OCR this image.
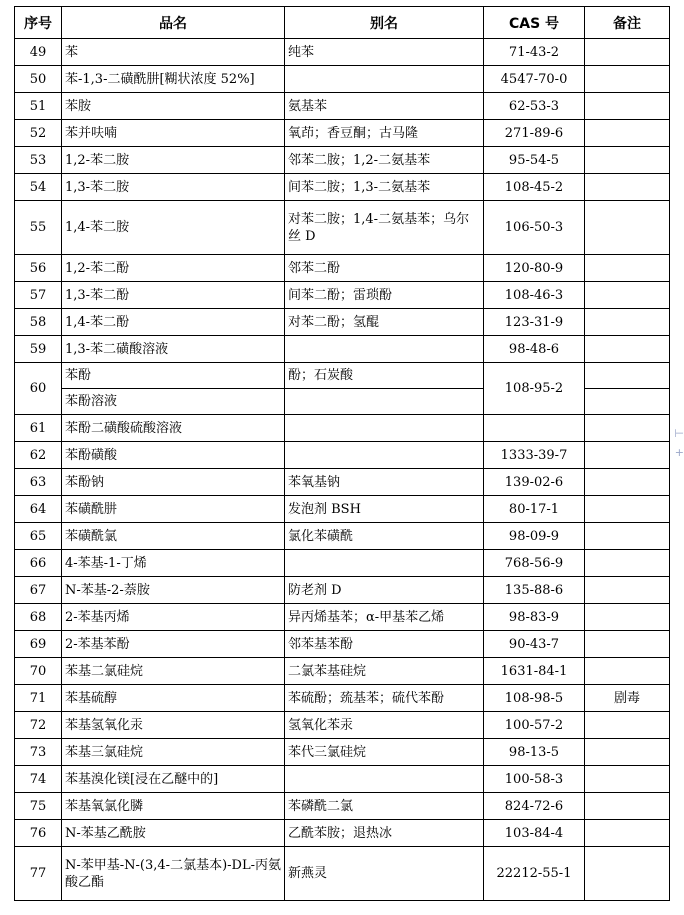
序号	品名	别名	CAS 号	备注
49	苯	纯苯	71-43-2	
50	苯-1,3-二磺酰肼[糊状浓度 52%]		4547-70-0	
51	苯胺	氨基苯	62-53-3	
52	苯并呋喃	氧茚；香豆酮；古马隆	271-89-6	
53	1,2-苯二胺	邻苯二胺；1,2-二氨基苯	95-54-5	
54	1,3-苯二胺	间苯二胺；1,3-二氨基苯	108-45-2	
55	1,4-苯二胺	对苯二胺；1,4-二氨基苯；乌尔丝 D	106-50-3	
56	1,2-苯二酚	邻苯二酚	120-80-9	
57	1,3-苯二酚	间苯二酚；雷琐酚	108-46-3	
58	1,4-苯二酚	对苯二酚；氢醌	123-31-9	
59	1,3-苯二磺酸溶液		98-48-6	
60	苯酚	酚；石炭酸	108-95-2	
	苯酚溶液			
61	苯酚二磺酸硫酸溶液			
62	苯酚磺酸		1333-39-7	
63	苯酚钠	苯氧基钠	139-02-6	
64	苯磺酰肼	发泡剂 BSH	80-17-1	
65	苯磺酰氯	氯化苯磺酰	98-09-9	
66	4-苯基-1-丁烯		768-56-9	
67	N-苯基-2-萘胺	防老剂 D	135-88-6	
68	2-苯基丙烯	异丙烯基苯；α-甲基苯乙烯	98-83-9	
69	2-苯基苯酚	邻苯基苯酚	90-43-7	
70	苯基二氯硅烷	二氯苯基硅烷	1631-84-1	
71	苯基硫醇	苯硫酚；巯基苯；硫代苯酚	108-98-5	剧毒
72	苯基氢氧化汞	氢氧化苯汞	100-57-2	
73	苯基三氯硅烷	苯代三氯硅烷	98-13-5	
74	苯基溴化镁[浸在乙醚中的]		100-58-3	
75	苯基氧氯化膦	苯磷酰二氯	824-72-6	
76	N-苯基乙酰胺	乙酰苯胺；退热冰	103-84-4	
77	N-苯甲基-N-(3,4-二氯基本)-DL-丙氨酸乙酯	新燕灵	22212-55-1	
⊢
+
